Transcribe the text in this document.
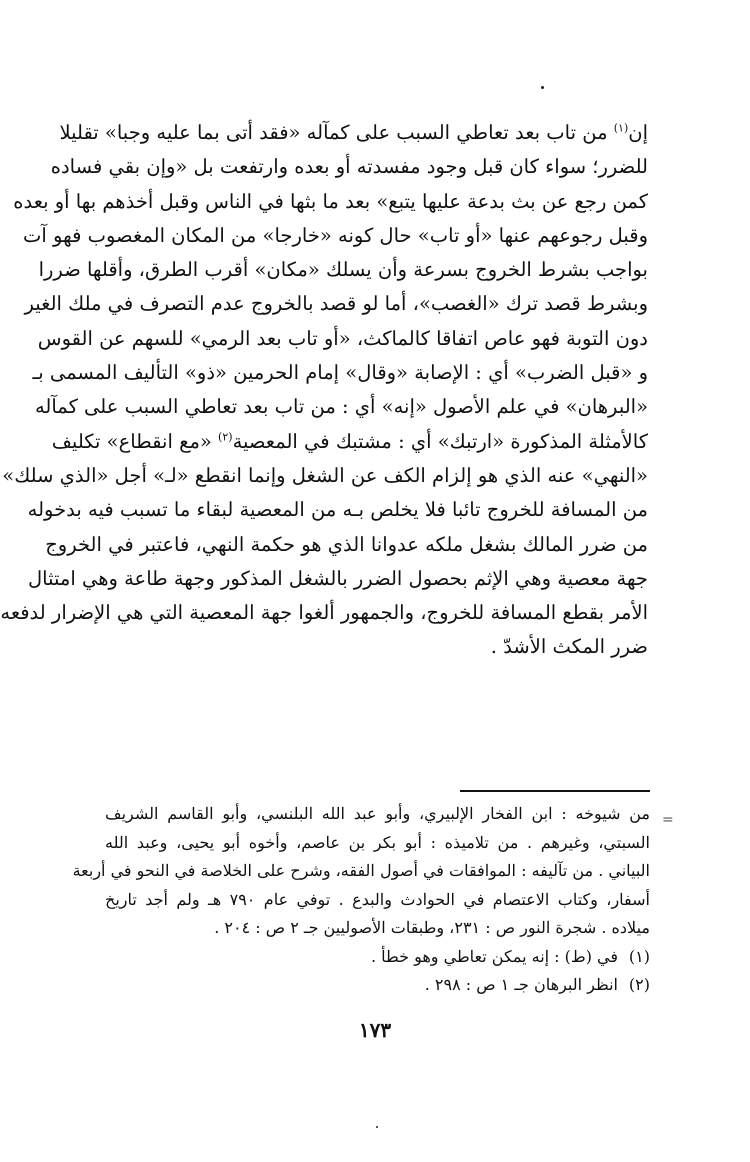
إن$^{(١)}$ من تاب بعد تعاطي السبب على كمآله «فقد أتى بما عليه وجبا» تقليلا
للضرر؛ سواء كان قبل وجود مفسدته أو بعده وارتفعت بل «وإن بقي فساده
كمن رجع عن بث بدعة عليها يتبع» بعد ما بثها في الناس وقبل أخذهم بها أو بعده
وقبل رجوعهم عنها «أو تاب» حال كونه «خارجا» من المكان المغصوب فهو آت
بواجب بشرط الخروج بسرعة وأن يسلك «مكان» أقرب الطرق، وأقلها ضررا
وبشرط قصد ترك «الغصب»، أما لو قصد بالخروج عدم التصرف في ملك الغير
دون التوبة فهو عاص اتفاقا كالماكث، «أو تاب بعد الرمي» للسهم عن القوس
و «قبل الضرب» أي : الإصابة «وقال» إمام الحرمين «ذو» التأليف المسمى بـ
«البرهان» في علم الأصول «إنه» أي : من تاب بعد تعاطي السبب على كمآله
كالأمثلة المذكورة «ارتبك» أي : مشتبك في المعصية$^{(٢)}$ «مع انقطاع» تكليف
«النهي» عنه الذي هو إلزام الكف عن الشغل وإنما انقطع «لـ» أجل «الذي سلك»
من المسافة للخروج تائبا فلا يخلص بـه من المعصية لبقاء ما تسبب فيه بدخوله
من ضرر المالك بشغل ملكه عدوانا الذي هو حكمة النهي، فاعتبر في الخروج
جهة معصية وهي الإثم بحصول الضرر بالشغل المذكور وجهة طاعة وهي امتثال
الأمر بقطع المسافة للخروج، والجمهور ألغوا جهة المعصية التي هي الإضرار لدفعه
ضرر المكث الأشدّ .
=
من شيوخه : ابن الفخار الإلبيري، وأبو عبد الله البلنسي، وأبو القاسم الشريف
السبتي، وغيرهم . من تلاميذه : أبو بكر بن عاصم، وأخوه أبو يحيى، وعبد الله
البياني . من تآليفه : الموافقات في أصول الفقه، وشرح على الخلاصة في النحو في أربعة
أسفار، وكتاب الاعتصام في الحوادث والبدع . توفي عام ٧٩٠ هـ ولم أجد تاريخ
ميلاده . شجرة النور ص : ٢٣١، وطبقات الأصوليين جـ ٢ ص : ٢٠٤ .
(١)
في (ط) : إنه يمكن تعاطي وهو خطأ .
(٢)
انظر البرهان جـ ١ ص : ٢٩٨ .
١٧٣
